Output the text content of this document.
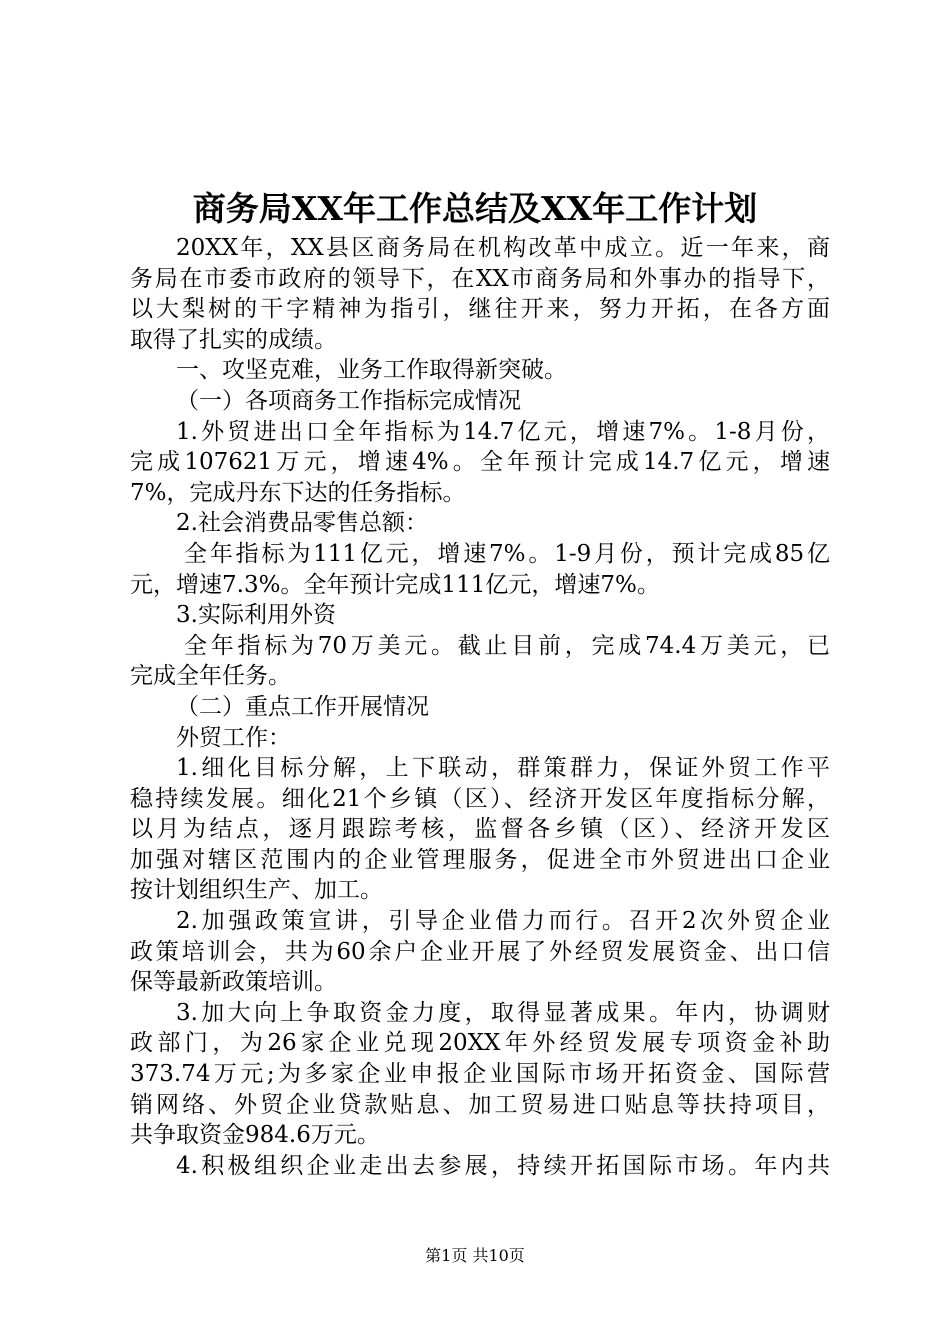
商务局XX年工作总结及XX年工作计划
20XX年，XX县区商务局在机构改革中成立。近一年来，商
务局在市委市政府的领导下，在XX市商务局和外事办的指导下，
以大梨树的干字精神为指引，继往开来，努力开拓，在各方面
取得了扎实的成绩。
一、攻坚克难，业务工作取得新突破。
（一）各项商务工作指标完成情况
1.外贸进出口全年指标为14.7亿元，增速7%。1-8月份，
完成107621万元，增速4%。全年预计完成14.7亿元，增速
7%，完成丹东下达的任务指标。
2.社会消费品零售总额：
全年指标为111亿元，增速7%。1-9月份，预计完成85亿
元，增速7.3%。全年预计完成111亿元，增速7%。
3.实际利用外资
全年指标为70万美元。截止目前，完成74.4万美元，已
完成全年任务。
（二）重点工作开展情况
外贸工作：
1.细化目标分解，上下联动，群策群力，保证外贸工作平
稳持续发展。细化21个乡镇（区）、经济开发区年度指标分解，
以月为结点，逐月跟踪考核，监督各乡镇（区）、经济开发区
加强对辖区范围内的企业管理服务，促进全市外贸进出口企业
按计划组织生产、加工。
2.加强政策宣讲，引导企业借力而行。召开2次外贸企业
政策培训会，共为60余户企业开展了外经贸发展资金、出口信
保等最新政策培训。
3.加大向上争取资金力度，取得显著成果。年内，协调财
政部门，为26家企业兑现20XX年外经贸发展专项资金补助
373.74万元;为多家企业申报企业国际市场开拓资金、国际营
销网络、外贸企业贷款贴息、加工贸易进口贴息等扶持项目，
共争取资金984.6万元。
4.积极组织企业走出去参展，持续开拓国际市场。年内共
第1页 共10页
